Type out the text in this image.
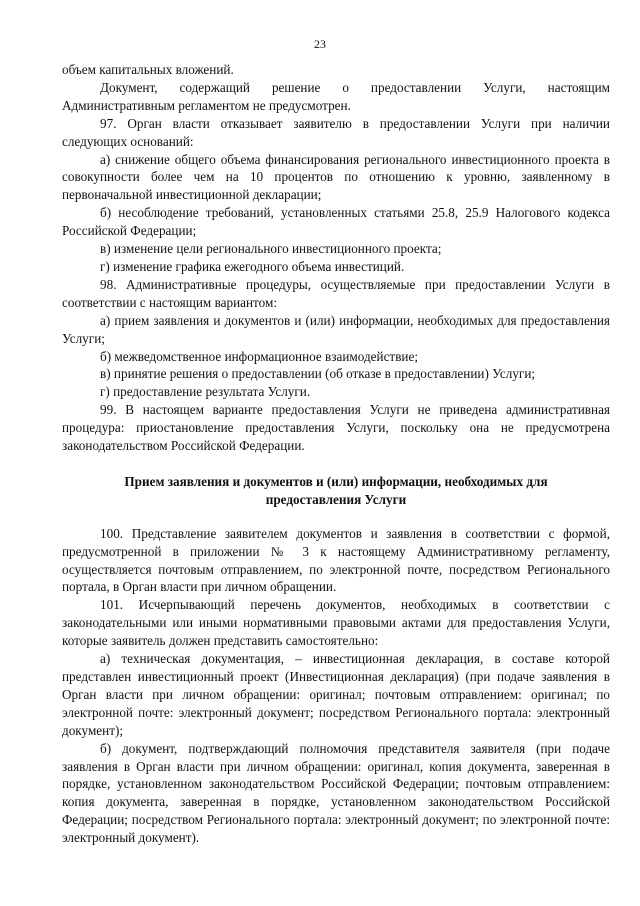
23

объем капитальных вложений.

Документ, содержащий решение о предоставлении Услуги, настоящим Административным регламентом не предусмотрен.

97. Орган власти отказывает заявителю в предоставлении Услуги при наличии следующих оснований:

а) снижение общего объема финансирования регионального инвестиционного проекта в совокупности более чем на 10 процентов по отношению к уровню, заявленному в первоначальной инвестиционной декларации;

б) несоблюдение требований, установленных статьями 25.8, 25.9 Налогового кодекса Российской Федерации;

в) изменение цели регионального инвестиционного проекта;

г) изменение графика ежегодного объема инвестиций.

98. Административные процедуры, осуществляемые при предоставлении Услуги в соответствии с настоящим вариантом:

а) прием заявления и документов и (или) информации, необходимых для предоставления Услуги;

б) межведомственное информационное взаимодействие;

в) принятие решения о предоставлении (об отказе в предоставлении) Услуги;

г) предоставление результата Услуги.

99. В настоящем варианте предоставления Услуги не приведена административная процедура: приостановление предоставления Услуги, поскольку она не предусмотрена законодательством Российской Федерации.

Прием заявления и документов и (или) информации, необходимых для
предоставления Услуги

100. Представление заявителем документов и заявления в соответствии с формой, предусмотренной в приложении № 3 к настоящему Административному регламенту, осуществляется почтовым отправлением, по электронной почте, посредством Регионального портала, в Орган власти при личном обращении.

101. Исчерпывающий перечень документов, необходимых в соответствии с законодательными или иными нормативными правовыми актами для предоставления Услуги, которые заявитель должен представить самостоятельно:

а) техническая документация, – инвестиционная декларация, в составе которой представлен инвестиционный проект (Инвестиционная декларация) (при подаче заявления в Орган власти при личном обращении: оригинал; почтовым отправлением: оригинал; по электронной почте: электронный документ; посредством Регионального портала: электронный документ);

б) документ, подтверждающий полномочия представителя заявителя (при подаче заявления в Орган власти при личном обращении: оригинал, копия документа, заверенная в порядке, установленном законодательством Российской Федерации; почтовым отправлением: копия документа, заверенная в порядке, установленном законодательством Российской Федерации; посредством Регионального портала: электронный документ; по электронной почте: электронный документ).
